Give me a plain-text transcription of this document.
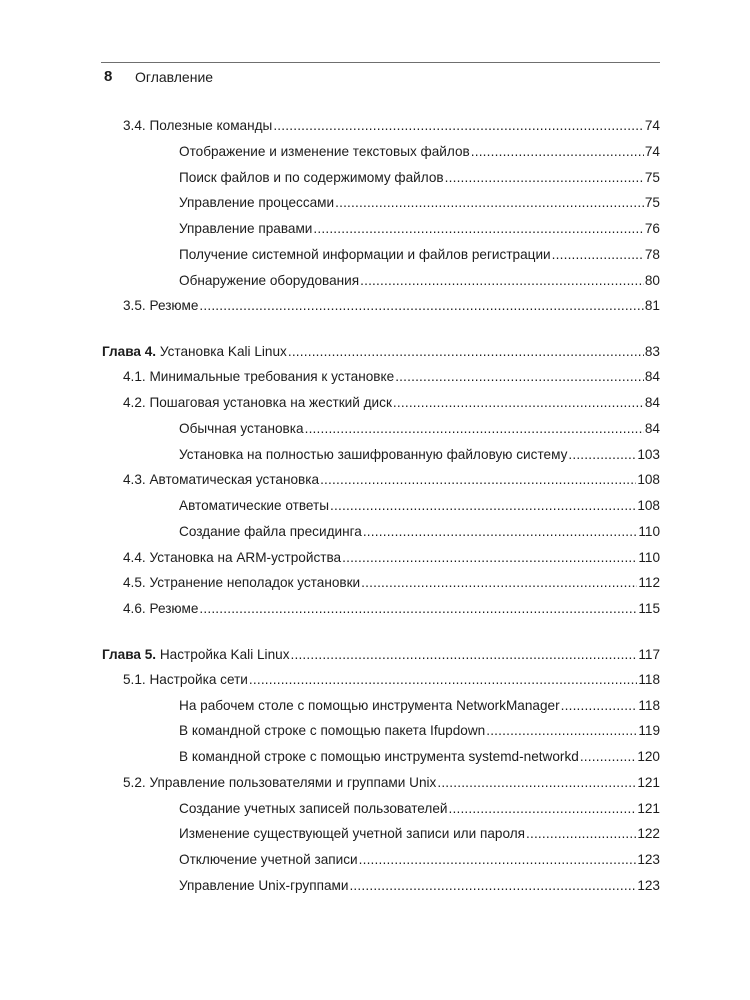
8 Оглавление
3.4. Полезные команды .....	74
Отображение и изменение текстовых файлов .....	74
Поиск файлов и по содержимому файлов .....	75
Управление процессами .....	75
Управление правами .....	76
Получение системной информации и файлов регистрации .....	78
Обнаружение оборудования .....	80
3.5. Резюме .....	81
Глава 4. Установка Kali Linux .....	83
4.1. Минимальные требования к установке .....	84
4.2. Пошаговая установка на жесткий диск .....	84
Обычная установка .....	84
Установка на полностью зашифрованную файловую систему .....	103
4.3. Автоматическая установка .....	108
Автоматические ответы .....	108
Создание файла пресидинга .....	110
4.4. Установка на ARM-устройства .....	110
4.5. Устранение неполадок установки .....	112
4.6. Резюме .....	115
Глава 5. Настройка Kali Linux .....	117
5.1. Настройка сети .....	118
На рабочем столе с помощью инструмента NetworkManager .....	118
В командной строке с помощью пакета Ifupdown .....	119
В командной строке с помощью инструмента systemd-networkd .....	120
5.2. Управление пользователями и группами Unix .....	121
Создание учетных записей пользователей .....	121
Изменение существующей учетной записи или пароля .....	122
Отключение учетной записи .....	123
Управление Unix-группами .....	123
